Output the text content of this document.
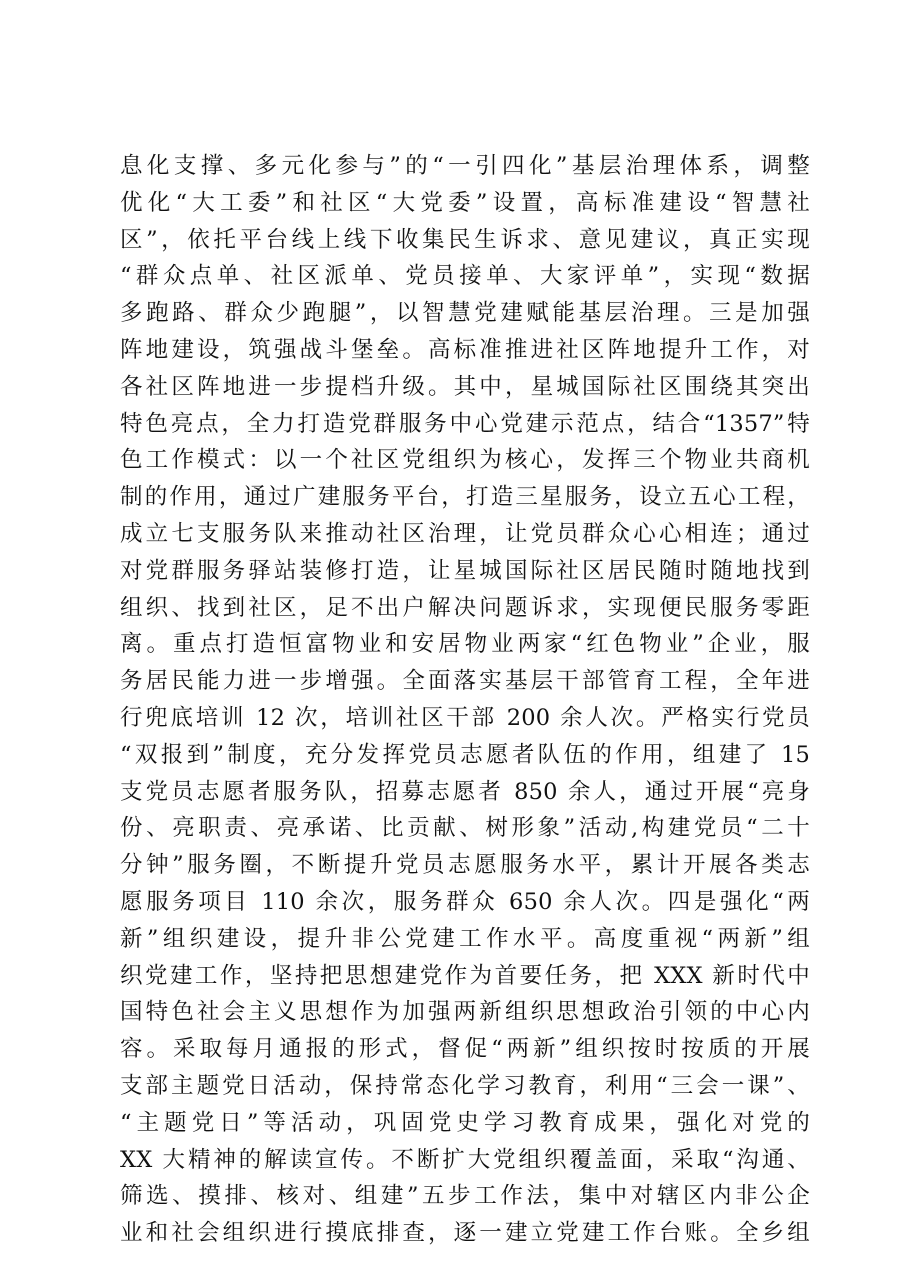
息化支撑、多元化参与”的“一引四化”基层治理体系，调整
优化“大工委”和社区“大党委”设置，高标准建设“智慧社
区”，依托平台线上线下收集民生诉求、意见建议，真正实现
“群众点单、社区派单、党员接单、大家评单”，实现“数据
多跑路、群众少跑腿”，以智慧党建赋能基层治理。三是加强
阵地建设，筑强战斗堡垒。高标准推进社区阵地提升工作，对
各社区阵地进一步提档升级。其中，星城国际社区围绕其突出
特色亮点，全力打造党群服务中心党建示范点，结合“1357”特
色工作模式：以一个社区党组织为核心，发挥三个物业共商机
制的作用，通过广建服务平台，打造三星服务，设立五心工程，
成立七支服务队来推动社区治理，让党员群众心心相连；通过
对党群服务驿站装修打造，让星城国际社区居民随时随地找到
组织、找到社区，足不出户解决问题诉求，实现便民服务零距
离。重点打造恒富物业和安居物业两家“红色物业”企业，服
务居民能力进一步增强。全面落实基层干部管育工程，全年进
行兜底培训 12 次，培训社区干部 200 余人次。严格实行党员
“双报到”制度，充分发挥党员志愿者队伍的作用，组建了 15
支党员志愿者服务队，招募志愿者 850 余人，通过开展“亮身
份、亮职责、亮承诺、比贡献、树形象”活动,构建党员“二十
分钟”服务圈，不断提升党员志愿服务水平，累计开展各类志
愿服务项目 110 余次，服务群众 650 余人次。四是强化“两
新”组织建设，提升非公党建工作水平。高度重视“两新”组
织党建工作，坚持把思想建党作为首要任务，把 XXX 新时代中
国特色社会主义思想作为加强两新组织思想政治引领的中心内
容。采取每月通报的形式，督促“两新”组织按时按质的开展
支部主题党日活动，保持常态化学习教育，利用“三会一课”、
“主题党日”等活动，巩固党史学习教育成果，强化对党的
XX 大精神的解读宣传。不断扩大党组织覆盖面，采取“沟通、
筛选、摸排、核对、组建”五步工作法，集中对辖区内非公企
业和社会组织进行摸底排查，逐一建立党建工作台账。全乡组
